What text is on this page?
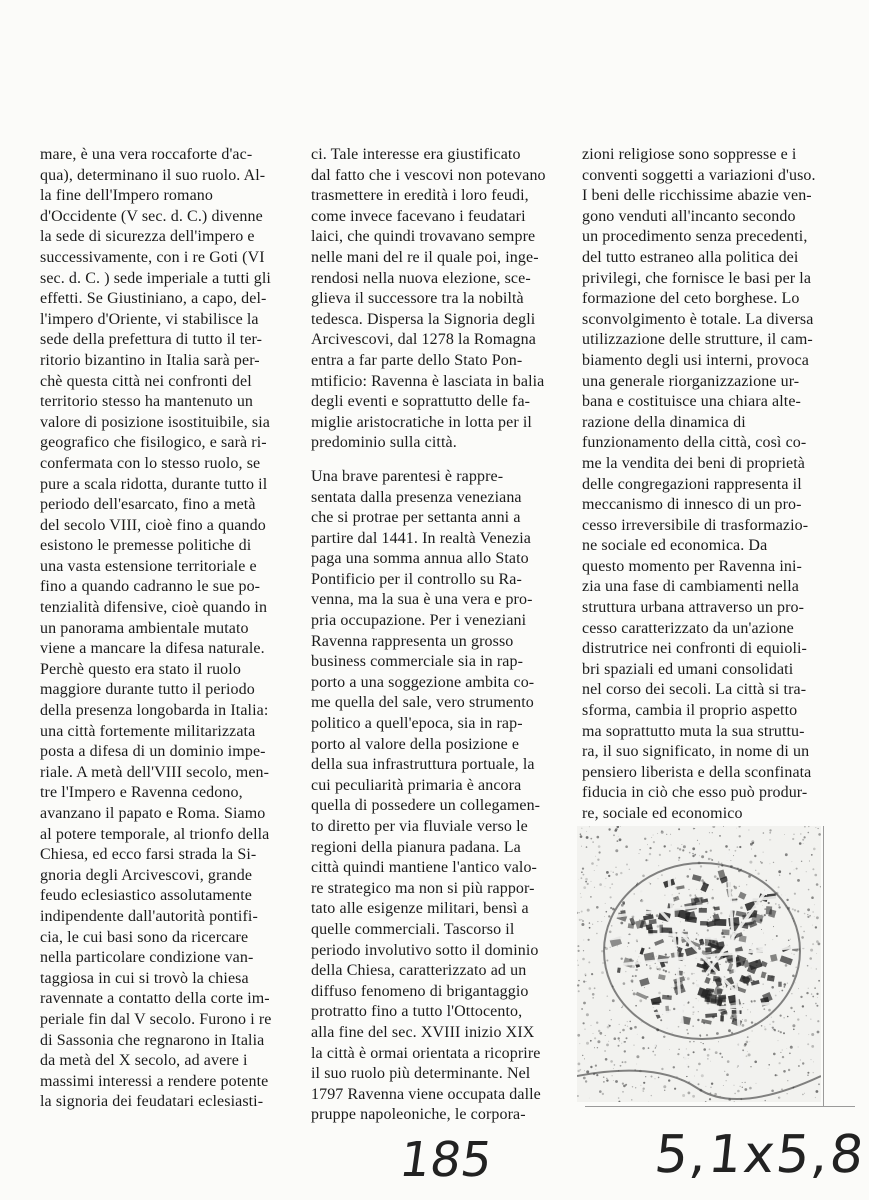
mare, è una vera roccaforte d'ac-

qua), determinano il suo ruolo. Al-

la fine dell'Impero romano

d'Occidente (V sec. d. C.) divenne

la sede di sicurezza dell'impero e

successivamente, con i re Goti (VI

sec. d. C. ) sede imperiale a tutti gli

effetti. Se Giustiniano, a capo, del-

l'impero d'Oriente, vi stabilisce la

sede della prefettura di tutto il ter-

ritorio bizantino in Italia sarà per-

chè questa città nei confronti del

territorio stesso ha mantenuto un

valore di posizione isostituibile, sia

geografico che fisilogico, e sarà ri-

confermata con lo stesso ruolo, se

pure a scala ridotta, durante tutto il

periodo dell'esarcato, fino a metà

del secolo VIII, cioè fino a quando

esistono le premesse politiche di

una vasta estensione territoriale e

fino a quando cadranno le sue po-

tenzialità difensive, cioè quando in

un panorama ambientale mutato

viene a mancare la difesa naturale.

Perchè questo era stato il ruolo

maggiore durante tutto il periodo

della presenza longobarda in Italia:

una città fortemente militarizzata

posta a difesa di un dominio impe-

riale. A metà dell'VIII secolo, men-

tre l'Impero e Ravenna cedono,

avanzano il papato e Roma. Siamo

al potere temporale, al trionfo della

Chiesa, ed ecco farsi strada la Si-

gnoria degli Arcivescovi, grande

feudo eclesiastico assolutamente

indipendente dall'autorità pontifi-

cia, le cui basi sono da ricercare

nella particolare condizione van-

taggiosa in cui si trovò la chiesa

ravennate a contatto della corte im-

periale fin dal V secolo. Furono i re

di Sassonia che regnarono in Italia

da metà del X secolo, ad avere i

massimi interessi a rendere potente

la signoria dei feudatari eclesiasti-

ci. Tale interesse era giustificato

dal fatto che i vescovi non potevano

trasmettere in eredità i loro feudi,

come invece facevano i feudatari

laici, che quindi trovavano sempre

nelle mani del re il quale poi, inge-

rendosi nella nuova elezione, sce-

glieva il successore tra la nobiltà

tedesca. Dispersa la Signoria degli

Arcivescovi, dal 1278 la Romagna

entra a far parte dello Stato Pon-

mtificio: Ravenna è lasciata in balia

degli eventi e soprattutto delle fa-

miglie aristocratiche in lotta per il

predominio sulla città.

Una brave parentesi è rappre-

sentata dalla presenza veneziana

che si protrae per settanta anni a

partire dal 1441. In realtà Venezia

paga una somma annua allo Stato

Pontificio per il controllo su Ra-

venna, ma la sua è una vera e pro-

pria occupazione. Per i veneziani

Ravenna rappresenta un grosso

business commerciale sia in rap-

porto a una soggezione ambita co-

me quella del sale, vero strumento

politico a quell'epoca, sia in rap-

porto al valore della posizione e

della sua infrastruttura portuale, la

cui peculiarità primaria è ancora

quella di possedere un collegamen-

to diretto per via fluviale verso le

regioni della pianura padana. La

città quindi mantiene l'antico valo-

re strategico ma non si più rappor-

tato alle esigenze militari, bensì a

quelle commerciali. Tascorso il

periodo involutivo sotto il dominio

della Chiesa, caratterizzato ad un

diffuso fenomeno di brigantaggio

protratto fino a tutto l'Ottocento,

alla fine del sec. XVIII inizio XIX

la città è ormai orientata a ricoprire

il suo ruolo più determinante. Nel

1797 Ravenna viene occupata dalle

pruppe napoleoniche, le corpora-

zioni religiose sono soppresse e i

conventi soggetti a variazioni d'uso.

I beni delle ricchissime abazie ven-

gono venduti all'incanto secondo

un procedimento senza precedenti,

del tutto estraneo alla politica dei

privilegi, che fornisce le basi per la

formazione del ceto borghese. Lo

sconvolgimento è totale. La diversa

utilizzazione delle strutture, il cam-

biamento degli usi interni, provoca

una generale riorganizzazione ur-

bana e costituisce una chiara alte-

razione della dinamica di

funzionamento della città, così co-

me la vendita dei beni di proprietà

delle congregazioni rappresenta il

meccanismo di innesco di un pro-

cesso irreversibile di trasformazio-

ne sociale ed economica. Da

questo momento per Ravenna ini-

zia una fase di cambiamenti nella

struttura urbana attraverso un pro-

cesso caratterizzato da un'azione

distrutrice nei confronti di equioli-

bri spaziali ed umani consolidati

nel corso dei secoli. La città si tra-

sforma, cambia il proprio aspetto

ma soprattutto muta la sua struttu-

ra, il suo significato, in nome di un

pensiero liberista e della sconfinata

fiducia in ciò che esso può produr-

re, sociale ed economico

185	5,1x5,8
